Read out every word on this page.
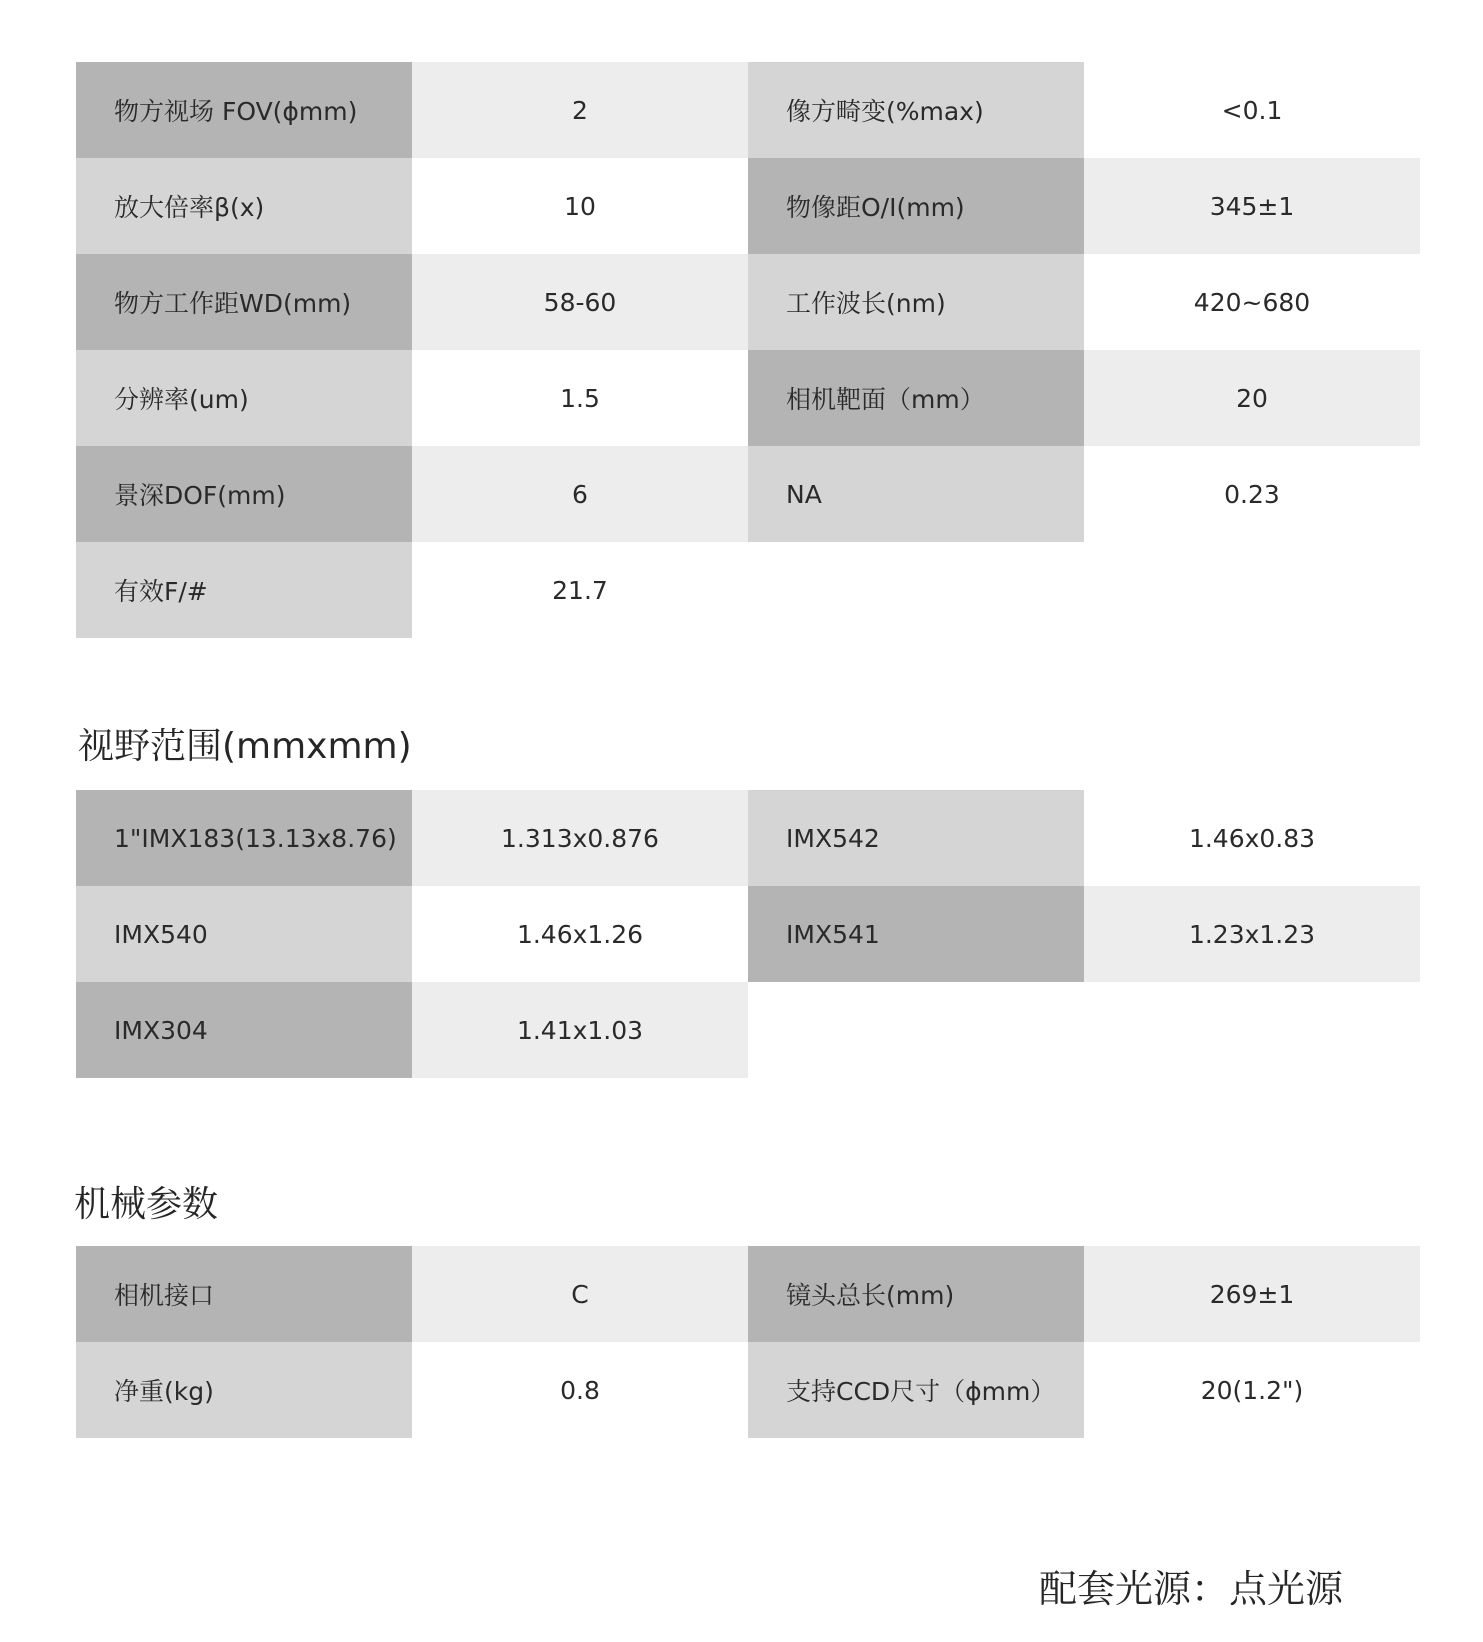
物方视场 FOV(ϕmm)	2	像方畸变(%max)	<0.1
放大倍率β(x)	10	物像距O/I(mm)	345±1
物方工作距WD(mm)	58-60	工作波长(nm)	420~680
分辨率(um)	1.5	相机靶面（mm）	20
景深DOF(mm)	6	NA	0.23
有效F/#	21.7
视野范围(mmxmm)
1"IMX183(13.13x8.76)	1.313x0.876	IMX542	1.46x0.83
IMX540	1.46x1.26	IMX541	1.23x1.23
IMX304	1.41x1.03
机械参数
相机接口	C	镜头总长(mm)	269±1
净重(kg)	0.8	支持CCD尺寸（ϕmm）	20(1.2")
配套光源：点光源
